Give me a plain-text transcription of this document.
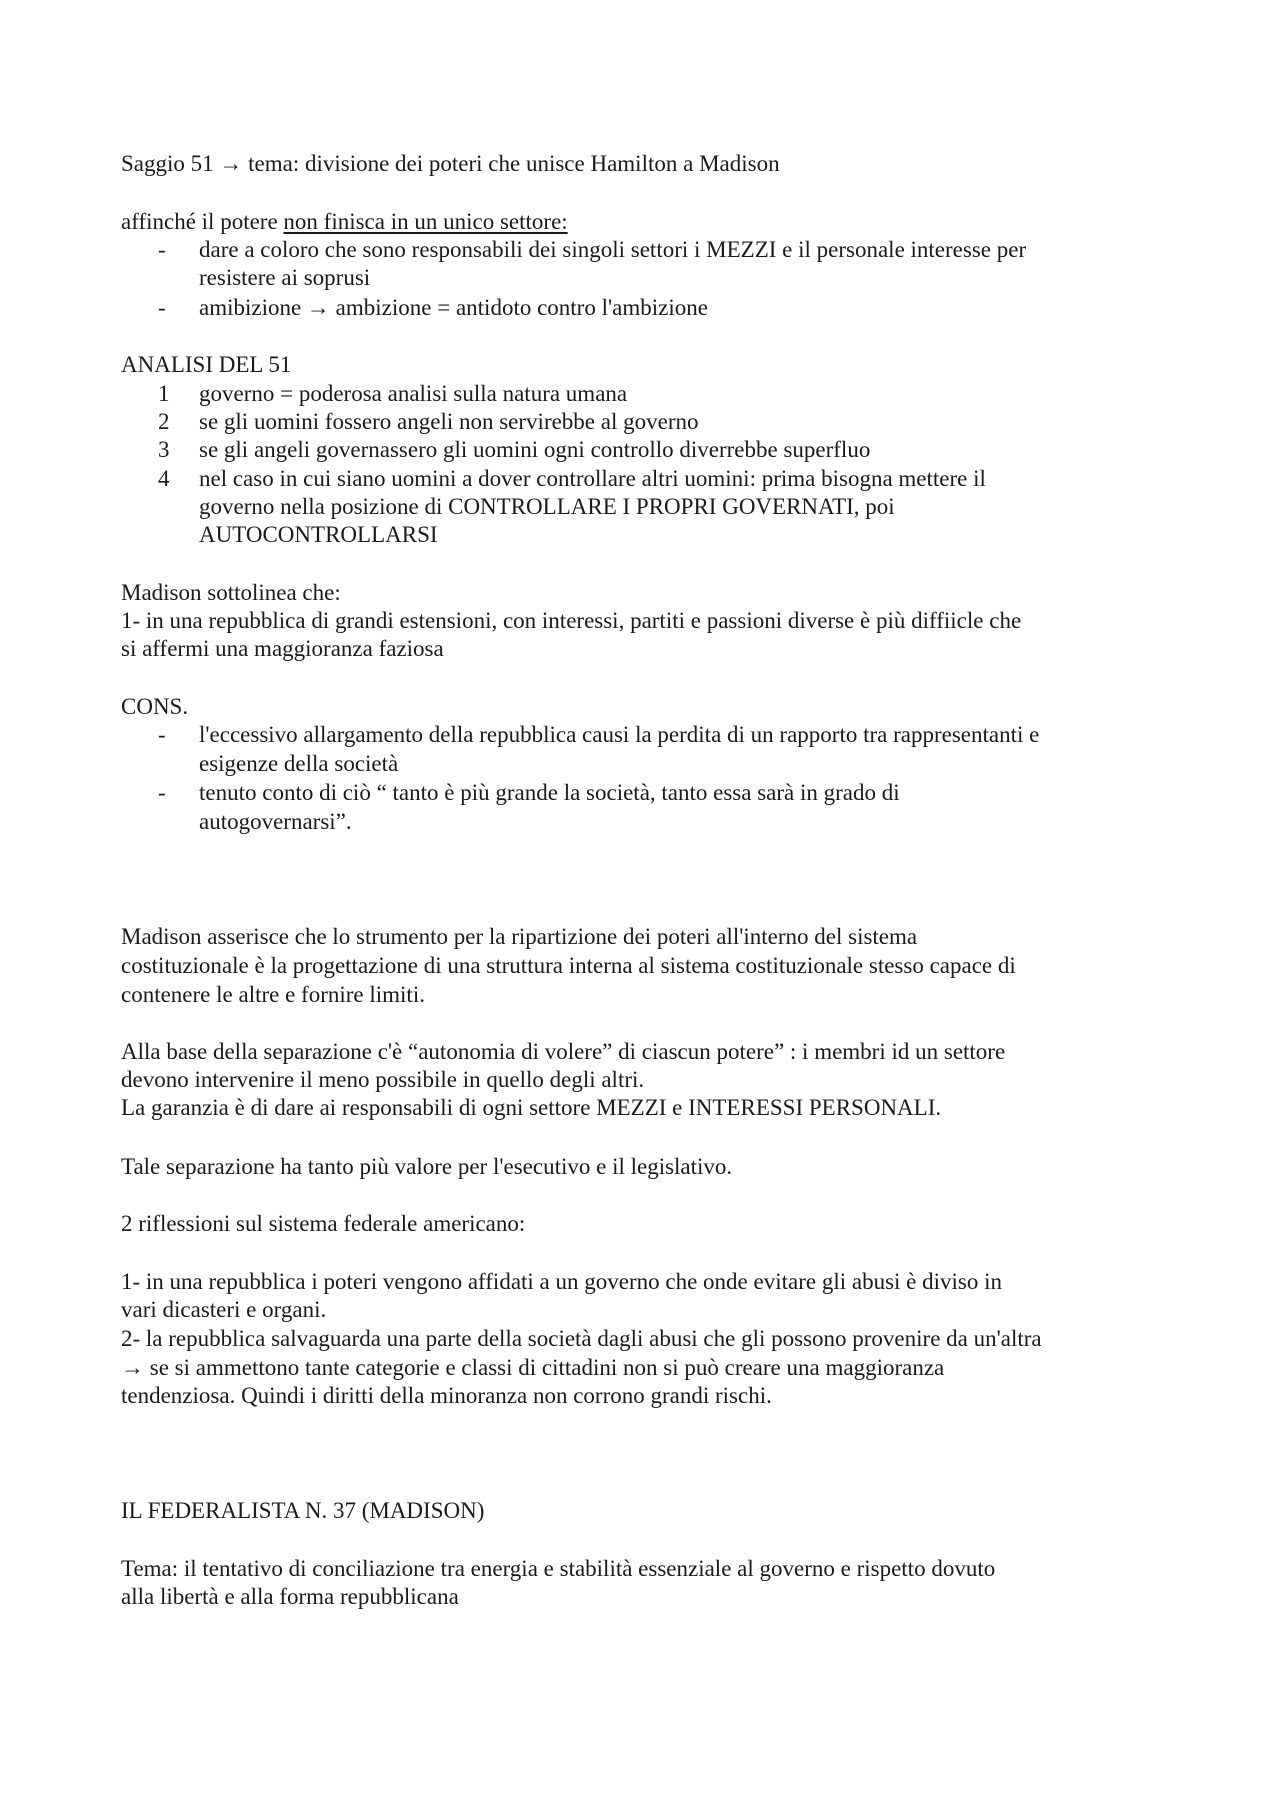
Saggio 51 → tema: divisione dei poteri che unisce Hamilton a Madison
affinché il potere non finisca in un unico settore:
- dare a coloro che sono responsabili dei singoli settori i MEZZI e il personale interesse per
resistere ai soprusi
- amibizione → ambizione = antidoto contro l'ambizione
ANALISI DEL 51
1 governo = poderosa analisi sulla natura umana
2 se gli uomini fossero angeli non servirebbe al governo
3 se gli angeli governassero gli uomini ogni controllo diverrebbe superfluo
4 nel caso in cui siano uomini a dover controllare altri uomini: prima bisogna mettere il
governo nella posizione di CONTROLLARE I PROPRI GOVERNATI, poi
AUTOCONTROLLARSI
Madison sottolinea che:
1- in una repubblica di grandi estensioni, con interessi, partiti e passioni diverse è più diffiicle che
si affermi una maggioranza faziosa
CONS.
- l'eccessivo allargamento della repubblica causi la perdita di un rapporto tra rappresentanti e
esigenze della società
- tenuto conto di ciò “ tanto è più grande la società, tanto essa sarà in grado di
autogovernarsi”.
Madison asserisce che lo strumento per la ripartizione dei poteri all'interno del sistema
costituzionale è la progettazione di una struttura interna al sistema costituzionale stesso capace di
contenere le altre e fornire limiti.
Alla base della separazione c'è “autonomia di volere” di ciascun potere” : i membri id un settore
devono intervenire il meno possibile in quello degli altri.
La garanzia è di dare ai responsabili di ogni settore MEZZI e INTERESSI PERSONALI.
Tale separazione ha tanto più valore per l'esecutivo e il legislativo.
2 riflessioni sul sistema federale americano:
1- in una repubblica i poteri vengono affidati a un governo che onde evitare gli abusi è diviso in
vari dicasteri e organi.
2- la repubblica salvaguarda una parte della società dagli abusi che gli possono provenire da un'altra
→ se si ammettono tante categorie e classi di cittadini non si può creare una maggioranza
tendenziosa. Quindi i diritti della minoranza non corrono grandi rischi.
IL FEDERALISTA N. 37 (MADISON)
Tema: il tentativo di conciliazione tra energia e stabilità essenziale al governo e rispetto dovuto
alla libertà e alla forma repubblicana
